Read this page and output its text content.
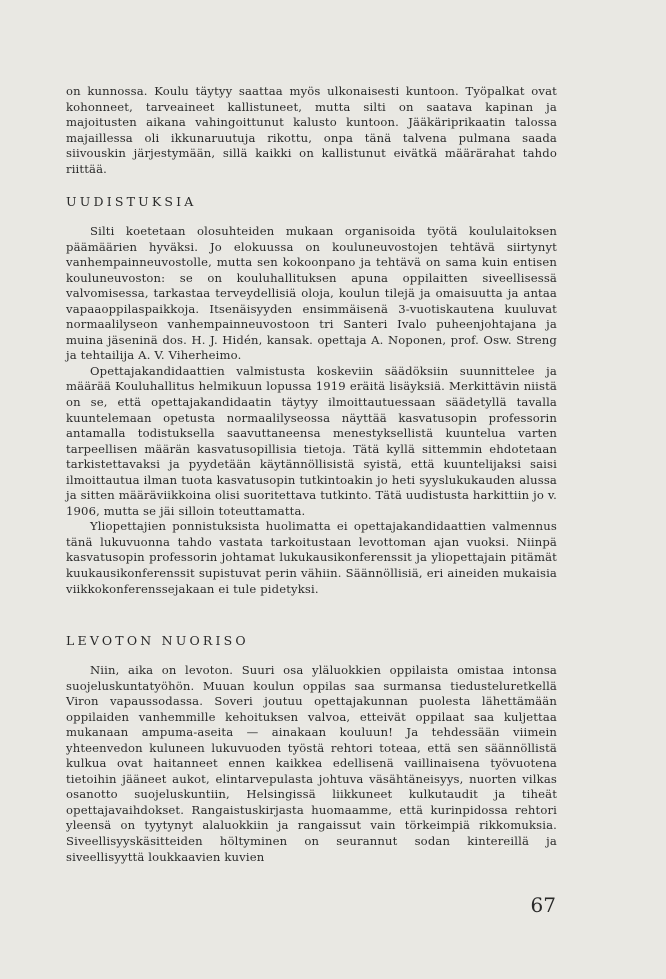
on kunnossa. Koulu täytyy saattaa myös ulkonaisesti kuntoon. Työpalkat ovat kohonneet, tarveaineet kallistuneet, mutta silti on saatava kapinan ja majoitusten aikana vahingoittunut kalusto kuntoon. Jääkäriprikaatin talossa majaillessa oli ikkunaruutuja rikottu, onpa tänä talvena pulmana saada siivouskin järjestymään, sillä kaikki on kallistunut eivätkä määrärahat tahdo riittää.

UUDISTUKSIA

Silti koetetaan olosuhteiden mukaan organisoida työtä koululaitoksen päämäärien hyväksi. Jo elokuussa on kouluneuvostojen tehtävä siirtynyt vanhempainneuvostolle, mutta sen kokoonpano ja tehtävä on sama kuin entisen kouluneuvoston: se on kouluhallituksen apuna oppilaitten siveellisessä valvomisessa, tarkastaa terveydellisiä oloja, koulun tilejä ja omaisuutta ja antaa vapaaoppilaspaikkoja. Itsenäisyyden ensimmäisenä 3-vuotiskautena kuuluvat normaalilyseon vanhempainneuvostoon tri Santeri Ivalo puheenjohtajana ja muina jäseninä dos. H. J. Hidén, kansak. opettaja A. Noponen, prof. Osw. Streng ja tehtailija A. V. Viherheimo.

Opettajakandidaattien valmistusta koskeviin säädöksiin suunnittelee ja määrää Kouluhallitus helmikuun lopussa 1919 eräitä lisäyksiä. Merkittävin niistä on se, että opettajakandidaatin täytyy ilmoittautuessaan säädetyllä tavalla kuuntelemaan opetusta normaalilyseossa näyttää kasvatusopin professorin antamalla todistuksella saavuttaneensa menestyksellistä kuuntelua varten tarpeellisen määrän kasvatusopillisia tietoja. Tätä kyllä sittemmin ehdotetaan tarkistettavaksi ja pyydetään käytännöllisistä syistä, että kuuntelijaksi saisi ilmoittautua ilman tuota kasvatusopin tutkintoakin jo heti syyslukukauden alussa ja sitten määräviikkoina olisi suoritettava tutkinto. Tätä uudistusta harkittiin jo v. 1906, mutta se jäi silloin toteuttamatta.

Yliopettajien ponnistuksista huolimatta ei opettajakandidaattien valmennus tänä lukuvuonna tahdo vastata tarkoitustaan levottoman ajan vuoksi. Niinpä kasvatusopin professorin johtamat lukukausikonferenssit ja yliopettajain pitämät kuukausikonferenssit supistuvat perin vähiin. Säännöllisiä, eri aineiden mukaisia viikkokonferenssejakaan ei tule pidetyksi.

LEVOTON NUORISO

Niin, aika on levoton. Suuri osa yläluokkien oppilaista omistaa intonsa suojeluskuntatyöhön. Muuan koulun oppilas saa surmansa tiedusteluretkellä Viron vapaussodassa. Soveri joutuu opettajakunnan puolesta lähettämään oppilaiden vanhemmille kehoituksen valvoa, etteivät oppilaat saa kuljettaa mukanaan ampuma-aseita — ainakaan kouluun! Ja tehdessään viimein yhteenvedon kuluneen lukuvuoden työstä rehtori toteaa, että sen säännöllistä kulkua ovat haitanneet ennen kaikkea edellisenä vaillinaisena työvuotena tietoihin jääneet aukot, elintarvepulasta johtuva väsähtäneisyys, nuorten vilkas osanotto suojeluskuntiin, Helsingissä liikkuneet kulkutaudit ja tiheät opettajavaihdokset. Rangaistuskirjasta huomaamme, että kurinpidossa rehtori yleensä on tyytynyt alaluokkiin ja rangaissut vain törkeimpiä rikkomuksia. Siveellisyyskäsitteiden höltyminen on seurannut sodan kintereillä ja siveellisyyttä loukkaavien kuvien

67
